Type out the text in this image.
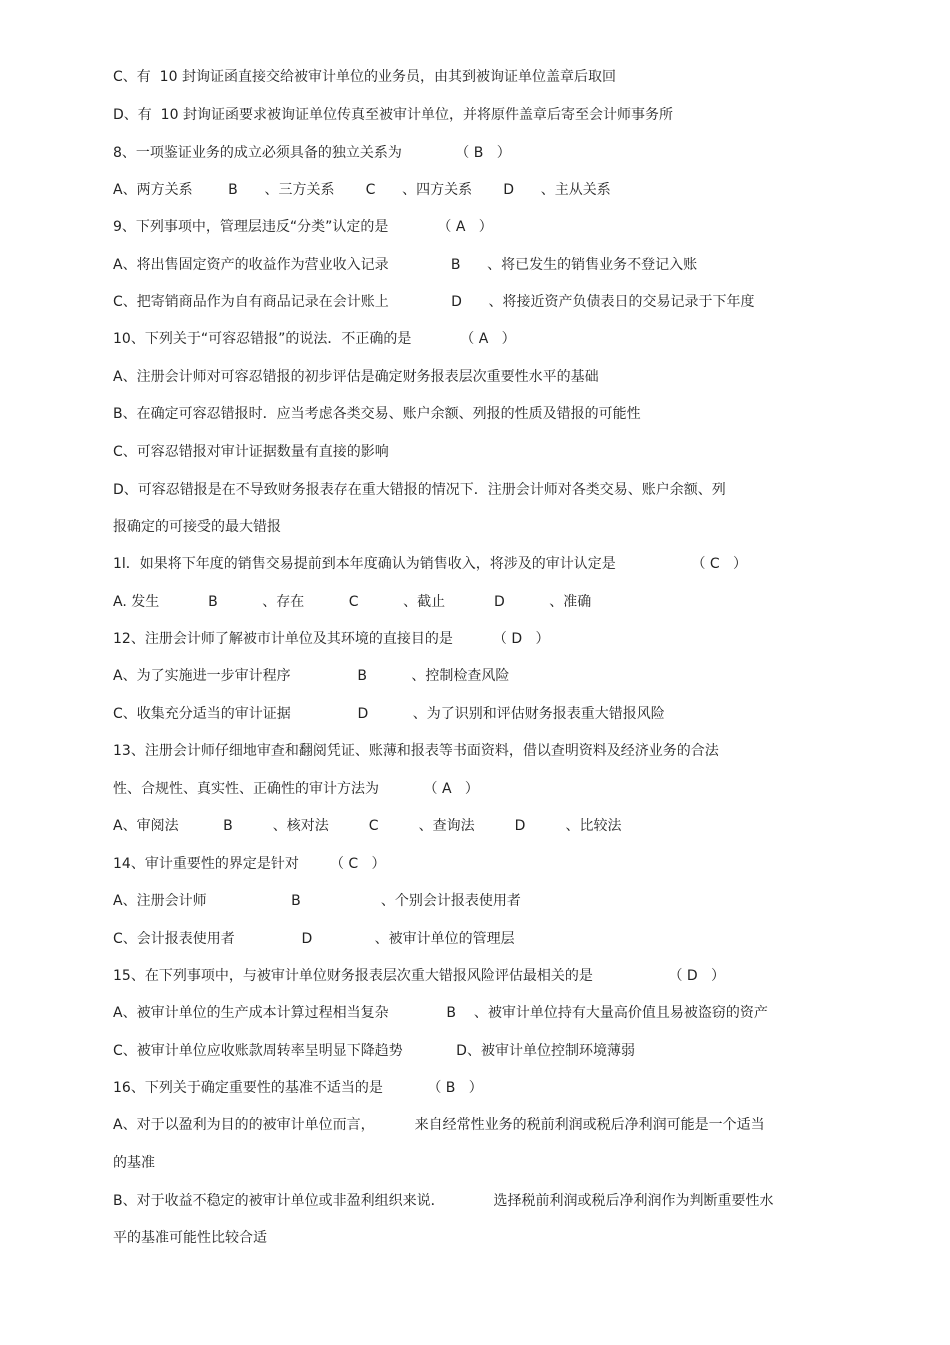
C、有  10 封询证函直接交给被审计单位的业务员，由其到被询证单位盖章后取回
D、有  10 封询证函要求被询证单位传真至被审计单位，并将原件盖章后寄至会计师事务所
8、一项鉴证业务的成立必须具备的独立关系为            （ B   ）
A、两方关系        B      、三方关系       C      、四方关系       D      、主从关系
9、下列事项中，管理层违反“分类”认定的是           （ A   ）
A、将出售固定资产的收益作为营业收入记录              B      、将已发生的销售业务不登记入账
C、把寄销商品作为自有商品记录在会计账上              D      、将接近资产负债表日的交易记录于下年度
10、下列关于“可容忍错报”的说法．不正确的是           （ A   ）
A、注册会计师对可容忍错报的初步评估是确定财务报表层次重要性水平的基础
B、在确定可容忍错报时．应当考虑各类交易、账户余额、列报的性质及错报的可能性
C、可容忍错报对审计证据数量有直接的影响
D、可容忍错报是在不导致财务报表存在重大错报的情况下．注册会计师对各类交易、账户余额、列
报确定的可接受的最大错报
1l．如果将下年度的销售交易提前到本年度确认为销售收入，将涉及的审计认定是                 （ C   ）
A. 发生           B          、存在          C          、截止           D          、准确
12、注册会计师了解被市计单位及其环境的直接目的是         （ D   ）
A、为了实施进一步审计程序               B          、控制检查风险
C、收集充分适当的审计证据               D          、为了识别和评估财务报表重大错报风险
13、注册会计师仔细地审查和翻阅凭证、账薄和报表等书面资料，借以查明资料及经济业务的合法
性、合规性、真实性、正确性的审计方法为          （ A   ）
A、审阅法          B         、核对法         C         、查询法         D         、比较法
14、审计重要性的界定是针对       （ C   ）
A、注册会计师                   B                  、个别会计报表使用者
C、会计报表使用者               D              、被审计单位的管理层
15、在下列事项中，与被审计单位财务报表层次重大错报风险评估最相关的是                 （ D   ）
A、被审计单位的生产成本计算过程相当复杂             B    、被审计单位持有大量高价值且易被盗窃的资产
C、被审计单位应收账款周转率呈明显下降趋势            D、被审计单位控制环境薄弱
16、下列关于确定重要性的基准不适当的是          （ B   ）
A、对于以盈利为目的的被审计单位而言，         来自经常性业务的税前利润或税后净利润可能是一个适当
的基准
B、对于收益不稳定的被审计单位或非盈利组织来说．           选择税前利润或税后净利润作为判断重要性水
平的基准可能性比较合适
